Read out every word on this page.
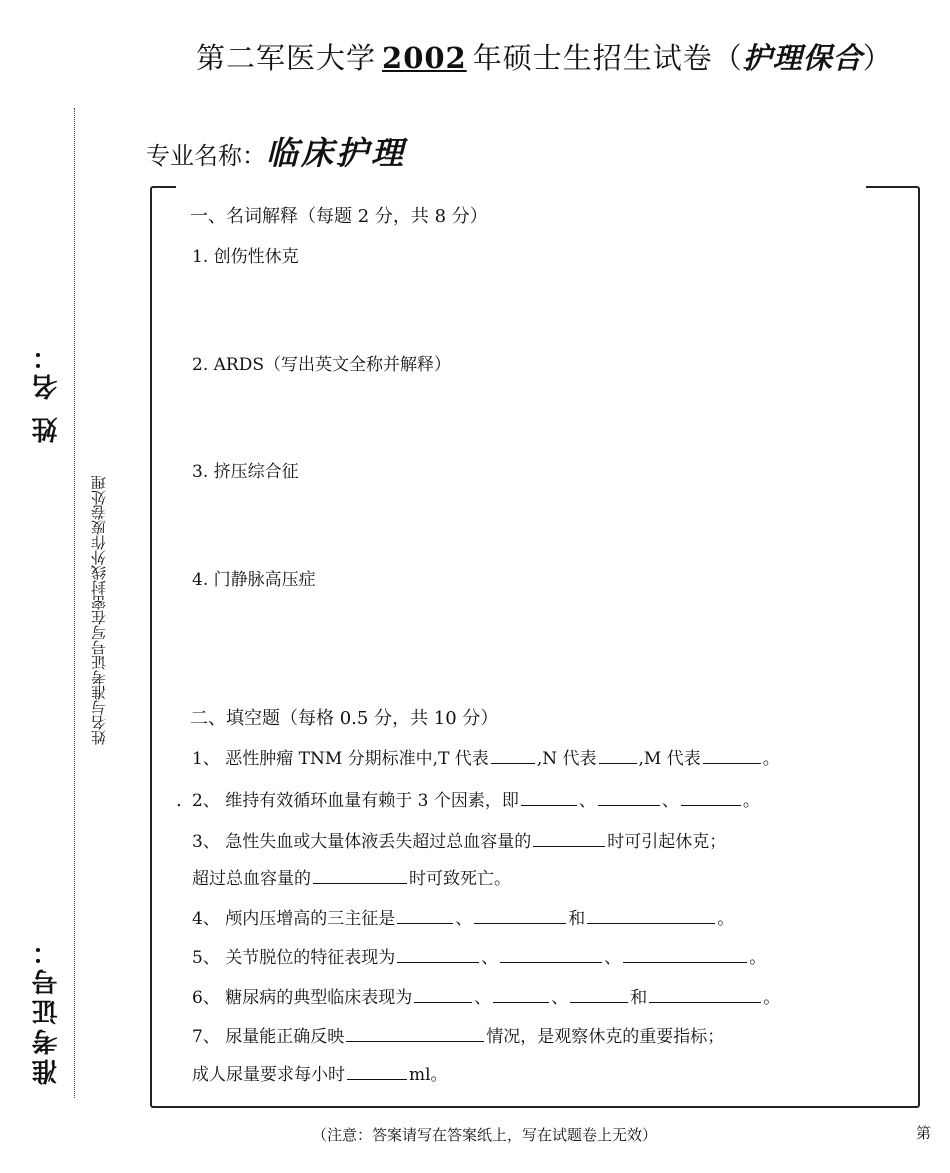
第二军医大学 2002 年硕士生招生试卷（护理保合）
专业名称：临床护理
姓 名：
准考证号：
姓名与准考证号写在密封线外作废卷处理
一、名词解释（每题 2 分，共 8 分）
1. 创伤性休克
2. ARDS（写出英文全称并解释）
3. 挤压综合征
4. 门静脉高压症
二、填空题（每格 0.5 分，共 10 分）
1、 恶性肿瘤 TNM 分期标准中,T 代表	,N 代表 ,M 代表	。
. 2、 维持有效循环血量有赖于 3 个因素，即	、	、	。
3、 急性失血或大量体液丢失超过总血容量的	时可引起休克；
超过总血容量的	时可致死亡。
4、 颅内压增高的三主征是	、	和	。
5、 关节脱位的特征表现为	、	、	。
6、 糖尿病的典型临床表现为	、	、	和	。
7、 尿量能正确反映	情况，是观察休克的重要指标；
成人尿量要求每小时	ml。
（注意：答案请写在答案纸上，写在试题卷上无效）	第
